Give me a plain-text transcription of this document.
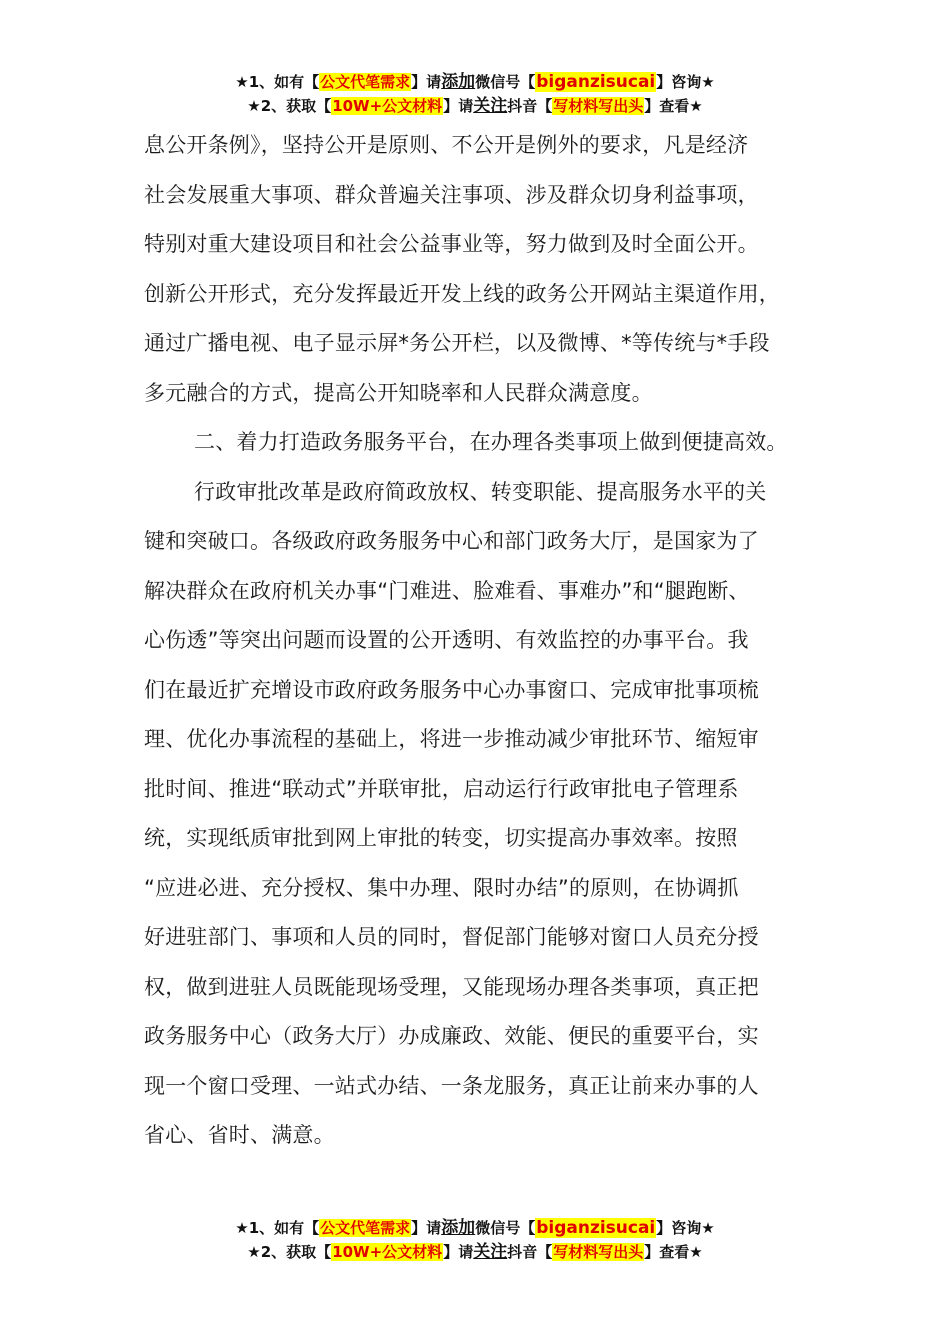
★1、如有【公文代笔需求】请添加微信号【biganzisucai】咨询★
★2、获取【10W+公文材料】请关注抖音【写材料写出头】查看★

息公开条例》，坚持公开是原则、不公开是例外的要求，凡是经济
社会发展重大事项、群众普遍关注事项、涉及群众切身利益事项，
特别对重大建设项目和社会公益事业等，努力做到及时全面公开。
创新公开形式，充分发挥最近开发上线的政务公开网站主渠道作用，
通过广播电视、电子显示屏*务公开栏，以及微博、*等传统与*手段
多元融合的方式，提高公开知晓率和人民群众满意度。

二、着力打造政务服务平台，在办理各类事项上做到便捷高效。

行政审批改革是政府简政放权、转变职能、提高服务水平的关

键和突破口。各级政府政务服务中心和部门政务大厅，是国家为了
解决群众在政府机关办事“门难进、脸难看、事难办”和“腿跑断、
心伤透”等突出问题而设置的公开透明、有效监控的办事平台。我
们在最近扩充增设市政府政务服务中心办事窗口、完成审批事项梳
理、优化办事流程的基础上，将进一步推动减少审批环节、缩短审
批时间、推进“联动式”并联审批，启动运行行政审批电子管理系
统，实现纸质审批到网上审批的转变，切实提高办事效率。按照
“应进必进、充分授权、集中办理、限时办结”的原则，在协调抓
好进驻部门、事项和人员的同时，督促部门能够对窗口人员充分授
权，做到进驻人员既能现场受理，又能现场办理各类事项，真正把
政务服务中心（政务大厅）办成廉政、效能、便民的重要平台，实
现一个窗口受理、一站式办结、一条龙服务，真正让前来办事的人
省心、省时、满意。

★1、如有【公文代笔需求】请添加微信号【biganzisucai】咨询★
★2、获取【10W+公文材料】请关注抖音【写材料写出头】查看★
